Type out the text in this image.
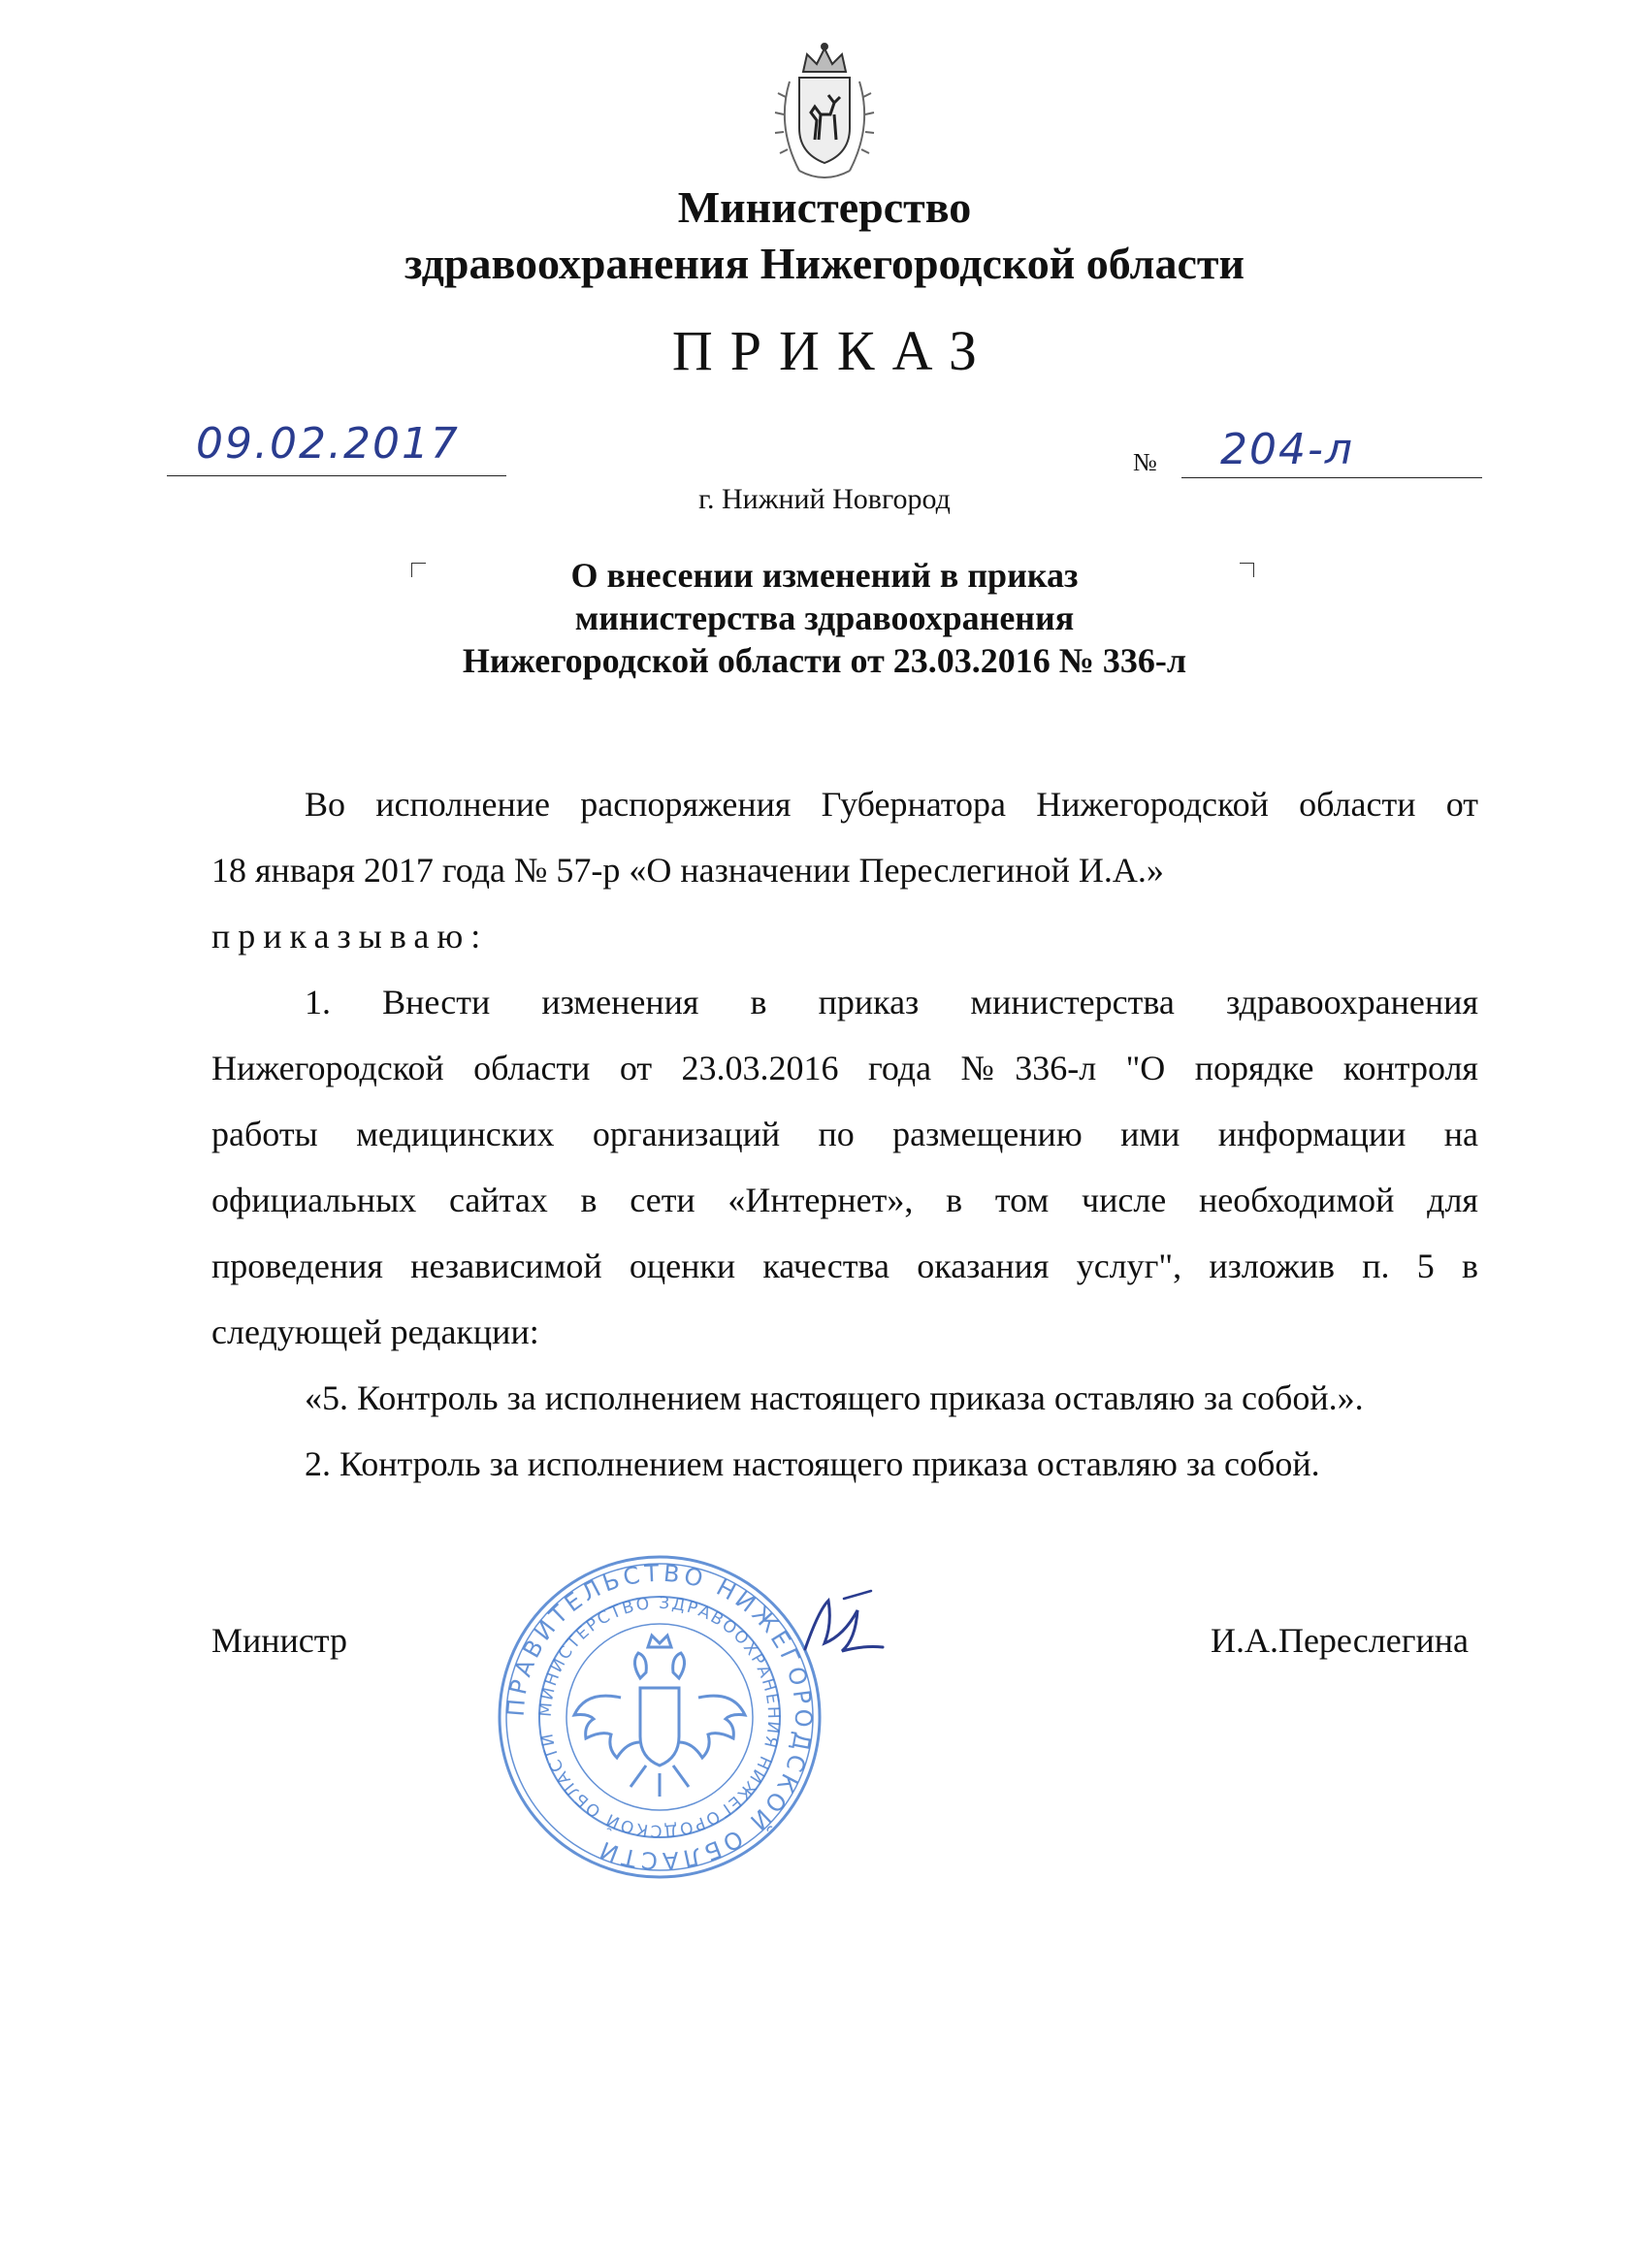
Министерство
здравоохранения Нижегородской области
ПРИКАЗ
09.02.2017	№ 204-л
г. Нижний Новгород
О внесении изменений в приказ
министерства здравоохранения
Нижегородской области от 23.03.2016 № 336-л
Во исполнение распоряжения Губернатора Нижегородской области от
18 января 2017 года № 57-р «О назначении Переслегиной И.А.»
приказываю:
1. Внести изменения в приказ министерства здравоохранения
Нижегородской области от 23.03.2016 года №336-л "О порядке контроля
работы медицинских организаций по размещению ими информации на
официальных сайтах в сети «Интернет», в том числе необходимой для
проведения независимой оценки качества оказания услуг", изложив п. 5 в
следующей редакции:
«5. Контроль за исполнением настоящего приказа оставляю за собой.».
2. Контроль за исполнением настоящего приказа оставляю за собой.
Министр	И.А.Переслегина
ПРАВИТЕЛЬСТВО НИЖЕГОРОДСКОЙ ОБЛАСТИ
МИНИСТЕРСТВО ЗДРАВООХРАНЕНИЯ НИЖЕГОРОДСКОЙ ОБЛАСТИ
